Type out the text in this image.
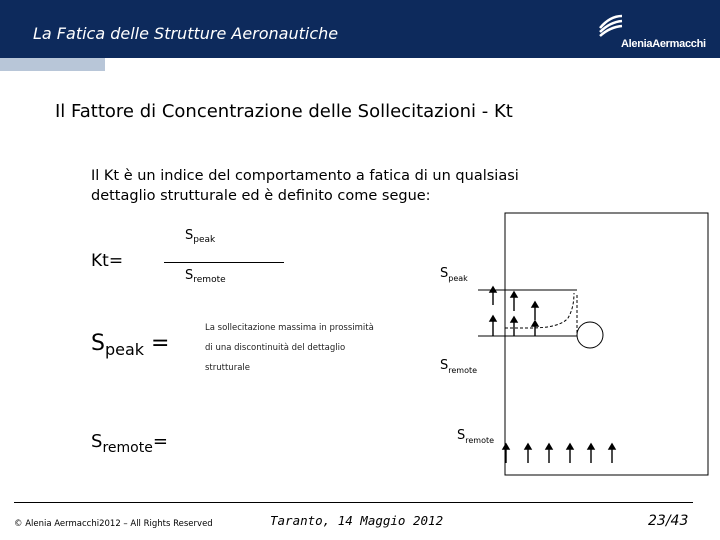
La Fatica delle Strutture Aeronautiche
AleniaAermacchi
Il Fattore di Concentrazione delle Sollecitazioni - Kt
Il Kt è un indice del comportamento a fatica di un qualsiasi
dettaglio strutturale ed è definito come segue:
Kt=
$S_{peak}$
$S_{remote}$
$S_{peak}$ =
La sollecitazione massima in prossimità
di una discontinuità del dettaglio
strutturale
$S_{remote}=$
$S_{peak}$
$S_{remote}$
$S_{remote}$
© Alenia Aermacchi2012 – All Rights Reserved	Taranto, 14 Maggio 2012	23/43
